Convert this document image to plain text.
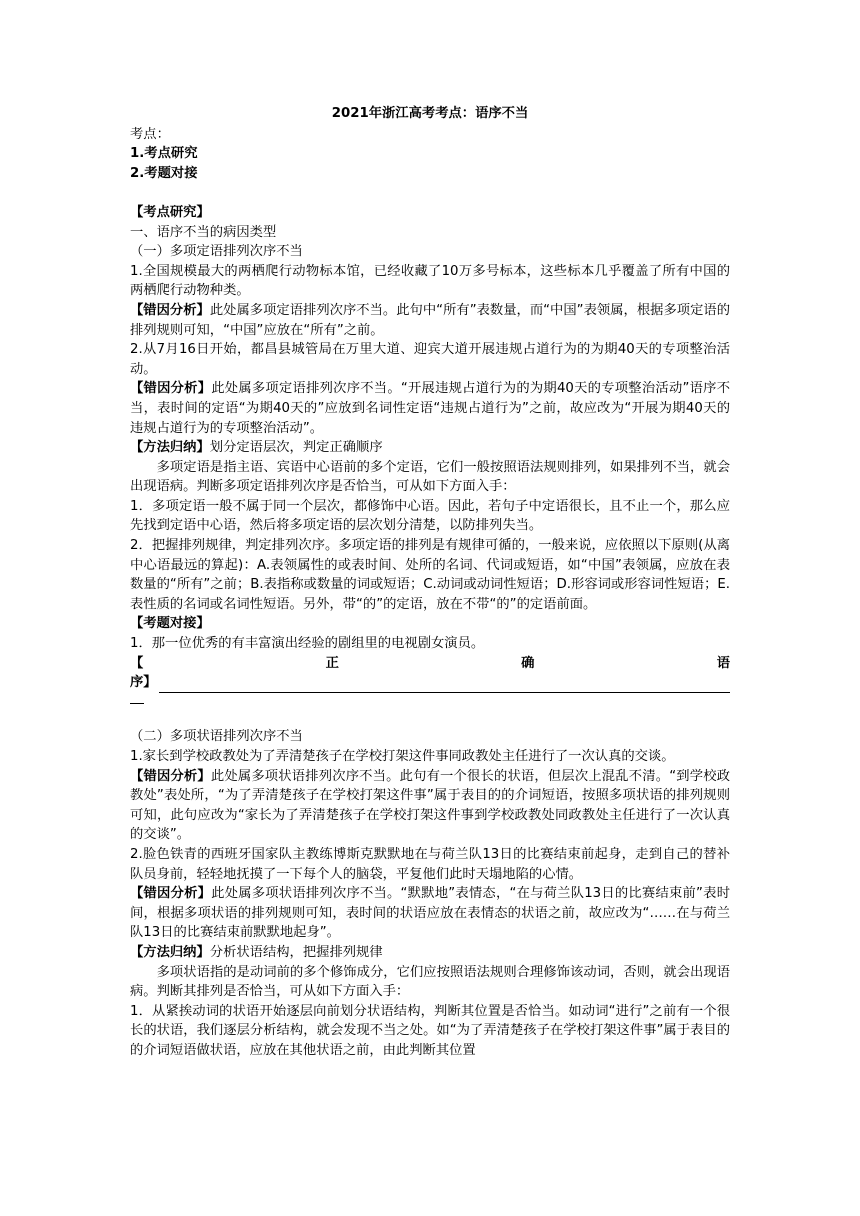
2021年浙江高考考点：语序不当

考点：

1.考点研究

2.考题对接

【考点研究】

一、语序不当的病因类型

（一）多项定语排列次序不当

1.全国规模最大的两栖爬行动物标本馆，已经收藏了10万多号标本，这些标本几乎覆盖了所有中国的两栖爬行动物种类。

【错因分析】此处属多项定语排列次序不当。此句中“所有”表数量，而“中国”表领属，根据多项定语的排列规则可知，“中国”应放在“所有”之前。

2.从7月16日开始，都昌县城管局在万里大道、迎宾大道开展违规占道行为的为期40天的专项整治活动。

【错因分析】此处属多项定语排列次序不当。“开展违规占道行为的为期40天的专项整治活动”语序不当，表时间的定语“为期40天的”应放到名词性定语“违规占道行为”之前，故应改为“开展为期40天的违规占道行为的专项整治活动”。

【方法归纳】划分定语层次，判定正确顺序

多项定语是指主语、宾语中心语前的多个定语，它们一般按照语法规则排列，如果排列不当，就会出现语病。判断多项定语排列次序是否恰当，可从如下方面入手：

1．多项定语一般不属于同一个层次，都修饰中心语。因此，若句子中定语很长，且不止一个，那么应先找到定语中心语，然后将多项定语的层次划分清楚，以防排列失当。

2．把握排列规律，判定排列次序。多项定语的排列是有规律可循的，一般来说，应依照以下原则(从离中心语最远的算起)：A.表领属性的或表时间、处所的名词、代词或短语，如“中国”表领属，应放在表数量的“所有”之前；B.表指称或数量的词或短语；C.动词或动词性短语；D.形容词或形容词性短语；E.表性质的名词或名词性短语。另外，带“的”的定语，放在不带“的”的定语前面。

【考题对接】

1．那一位优秀的有丰富演出经验的剧组里的电视剧女演员。

【	正	确	语
序】

（二）多项状语排列次序不当

1.家长到学校政教处为了弄清楚孩子在学校打架这件事同政教处主任进行了一次认真的交谈。

【错因分析】此处属多项状语排列次序不当。此句有一个很长的状语，但层次上混乱不清。“到学校政教处”表处所，“为了弄清楚孩子在学校打架这件事”属于表目的的介词短语，按照多项状语的排列规则可知，此句应改为“家长为了弄清楚孩子在学校打架这件事到学校政教处同政教处主任进行了一次认真的交谈”。

2.脸色铁青的西班牙国家队主教练博斯克默默地在与荷兰队13日的比赛结束前起身，走到自己的替补队员身前，轻轻地抚摸了一下每个人的脑袋，平复他们此时天塌地陷的心情。

【错因分析】此处属多项状语排列次序不当。“默默地”表情态，“在与荷兰队13日的比赛结束前”表时间，根据多项状语的排列规则可知，表时间的状语应放在表情态的状语之前，故应改为“……在与荷兰队13日的比赛结束前默默地起身”。

【方法归纳】分析状语结构，把握排列规律

多项状语指的是动词前的多个修饰成分，它们应按照语法规则合理修饰该动词，否则，就会出现语病。判断其排列是否恰当，可从如下方面入手：

1．从紧挨动词的状语开始逐层向前划分状语结构，判断其位置是否恰当。如动词“进行”之前有一个很长的状语，我们逐层分析结构，就会发现不当之处。如“为了弄清楚孩子在学校打架这件事”属于表目的的介词短语做状语，应放在其他状语之前，由此判断其位置
